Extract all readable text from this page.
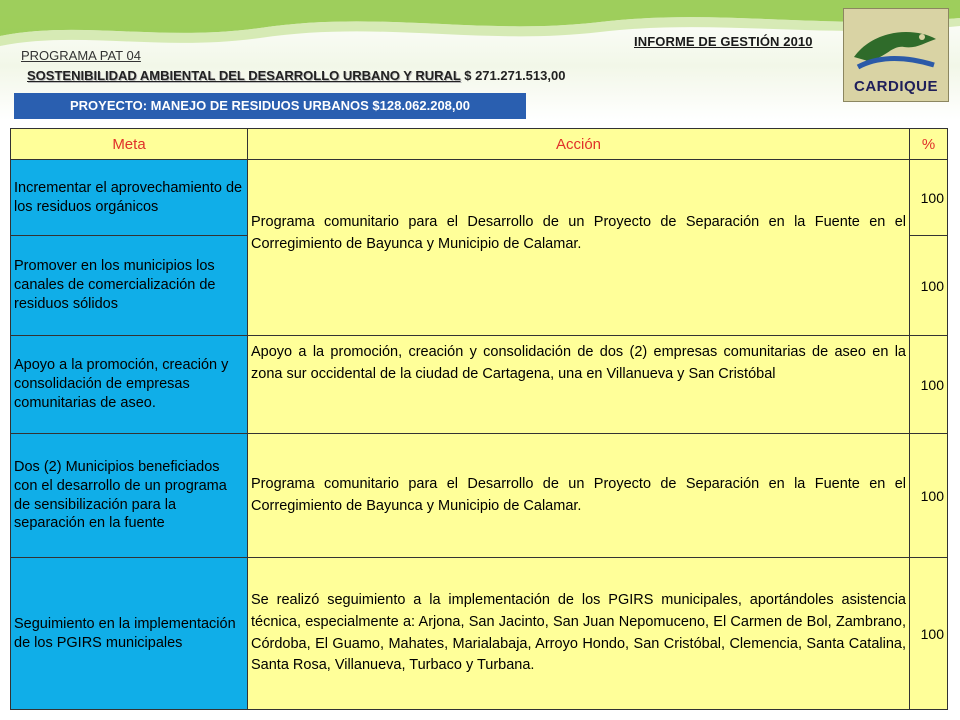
INFORME DE GESTIÓN 2010
CARDIQUE
PROGRAMA PAT 04
SOSTENIBILIDAD AMBIENTAL DEL DESARROLLO URBANO Y RURAL $ 271.271.513,00
PROYECTO: MANEJO DE RESIDUOS URBANOS $128.062.208,00
Meta	Acción	%
Incrementar el aprovechamiento de los residuos orgánicos	Programa comunitario para el Desarrollo de un Proyecto de Separación en la Fuente en el Corregimiento de Bayunca y Municipio de Calamar.	100
Promover en los municipios los canales de comercialización de residuos sólidos		100
Apoyo a la promoción, creación y consolidación de empresas comunitarias de aseo.	Apoyo a la promoción, creación y consolidación de dos (2) empresas comunitarias de aseo en la zona sur occidental de la ciudad de Cartagena, una en Villanueva y San Cristóbal	100
Dos (2) Municipios beneficiados con el desarrollo de un programa de sensibilización para la separación en la fuente	Programa comunitario para el Desarrollo de un Proyecto de Separación en la Fuente en el Corregimiento de Bayunca y Municipio de Calamar.	100
Seguimiento en la implementación de los PGIRS municipales	Se realizó seguimiento a la implementación de los PGIRS municipales, aportándoles asistencia técnica, especialmente a: Arjona, San Jacinto, San Juan Nepomuceno, El Carmen de Bol, Zambrano, Córdoba, El Guamo, Mahates, Marialabaja, Arroyo Hondo, San Cristóbal, Clemencia, Santa Catalina, Santa Rosa, Villanueva, Turbaco y Turbana.	100
